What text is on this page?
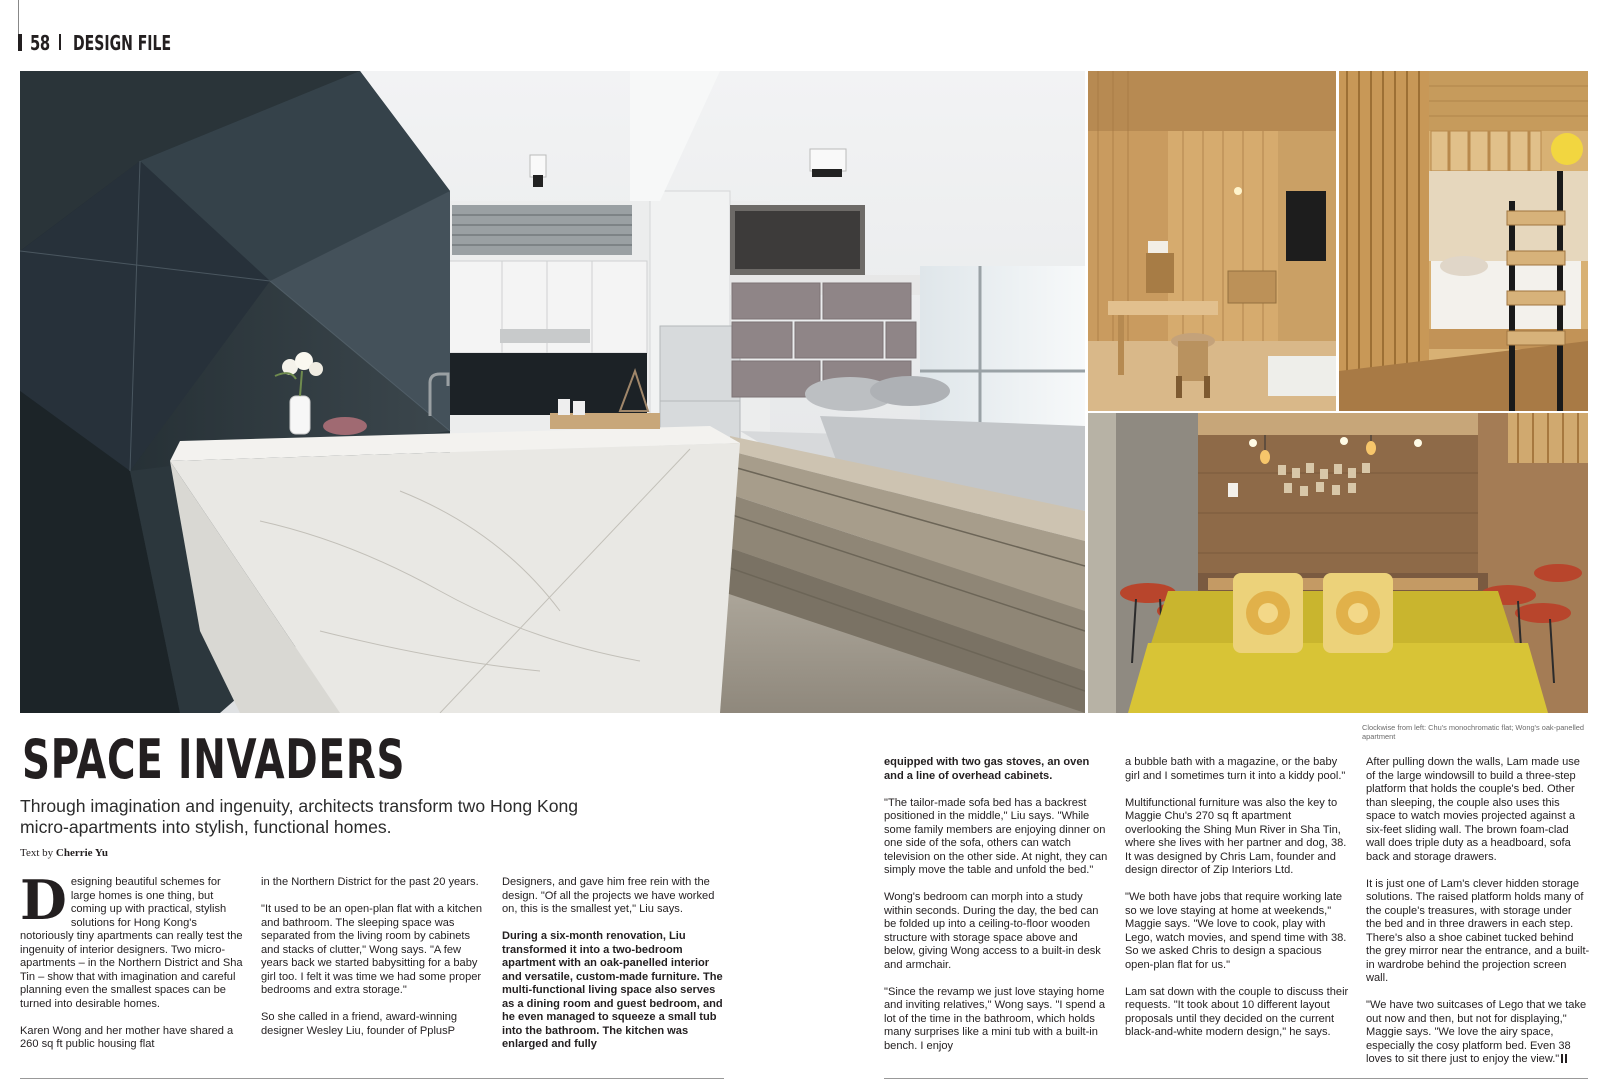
58 DESIGN FILE
Clockwise from left: Chu's monochromatic flat; Wong's oak-panelled apartment
SPACE INVADERS

Through imagination and ingenuity, architects transform two Hong Kong micro-apartments into stylish, functional homes.

Text by Cherrie Yu

Designing beautiful schemes for large homes is one thing, but coming up with practical, stylish solutions for Hong Kong's notoriously tiny apartments can really test the ingenuity of interior designers. Two micro-apartments – in the Northern District and Sha Tin – show that with imagination and careful planning even the smallest spaces can be turned into desirable homes.

Karen Wong and her mother have shared a 260 sq ft public housing flat

in the Northern District for the past 20 years.

"It used to be an open-plan flat with a kitchen and bathroom. The sleeping space was separated from the living room by cabinets and stacks of clutter," Wong says. "A few years back we started babysitting for a baby girl too. I felt it was time we had some proper bedrooms and extra storage."

So she called in a friend, award-winning designer Wesley Liu, founder of PplusP

Designers, and gave him free rein with the design. "Of all the projects we have worked on, this is the smallest yet," Liu says.

During a six-month renovation, Liu transformed it into a two-bedroom apartment with an oak-panelled interior and versatile, custom-made furniture. The multi-functional living space also serves as a dining room and guest bedroom, and he even managed to squeeze a small tub into the bathroom. The kitchen was enlarged and fully

equipped with two gas stoves, an oven and a line of overhead cabinets.

"The tailor-made sofa bed has a backrest positioned in the middle," Liu says. "While some family members are enjoying dinner on one side of the sofa, others can watch television on the other side. At night, they can simply move the table and unfold the bed."

Wong's bedroom can morph into a study within seconds. During the day, the bed can be folded up into a ceiling-to-floor wooden structure with storage space above and below, giving Wong access to a built-in desk and armchair.

"Since the revamp we just love staying home and inviting relatives," Wong says. "I spend a lot of the time in the bathroom, which holds many surprises like a mini tub with a built-in bench. I enjoy

a bubble bath with a magazine, or the baby girl and I sometimes turn it into a kiddy pool."

Multifunctional furniture was also the key to Maggie Chu's 270 sq ft apartment overlooking the Shing Mun River in Sha Tin, where she lives with her partner and dog, 38. It was designed by Chris Lam, founder and design director of Zip Interiors Ltd.

"We both have jobs that require working late so we love staying at home at weekends," Maggie says. "We love to cook, play with Lego, watch movies, and spend time with 38. So we asked Chris to design a spacious open-plan flat for us."

Lam sat down with the couple to discuss their requests. "It took about 10 different layout proposals until they decided on the current black-and-white modern design," he says.

After pulling down the walls, Lam made use of the large windowsill to build a three-step platform that holds the couple's bed. Other than sleeping, the couple also uses this space to watch movies projected against a six-feet sliding wall. The brown foam-clad wall does triple duty as a headboard, sofa back and storage drawers.

It is just one of Lam's clever hidden storage solutions. The raised platform holds many of the couple's treasures, with storage under the bed and in three drawers in each step. There's also a shoe cabinet tucked behind the grey mirror near the entrance, and a built-in wardrobe behind the projection screen wall.

"We have two suitcases of Lego that we take out now and then, but not for displaying," Maggie says. "We love the airy space, especially the cosy platform bed. Even 38 loves to sit there just to enjoy the view."
